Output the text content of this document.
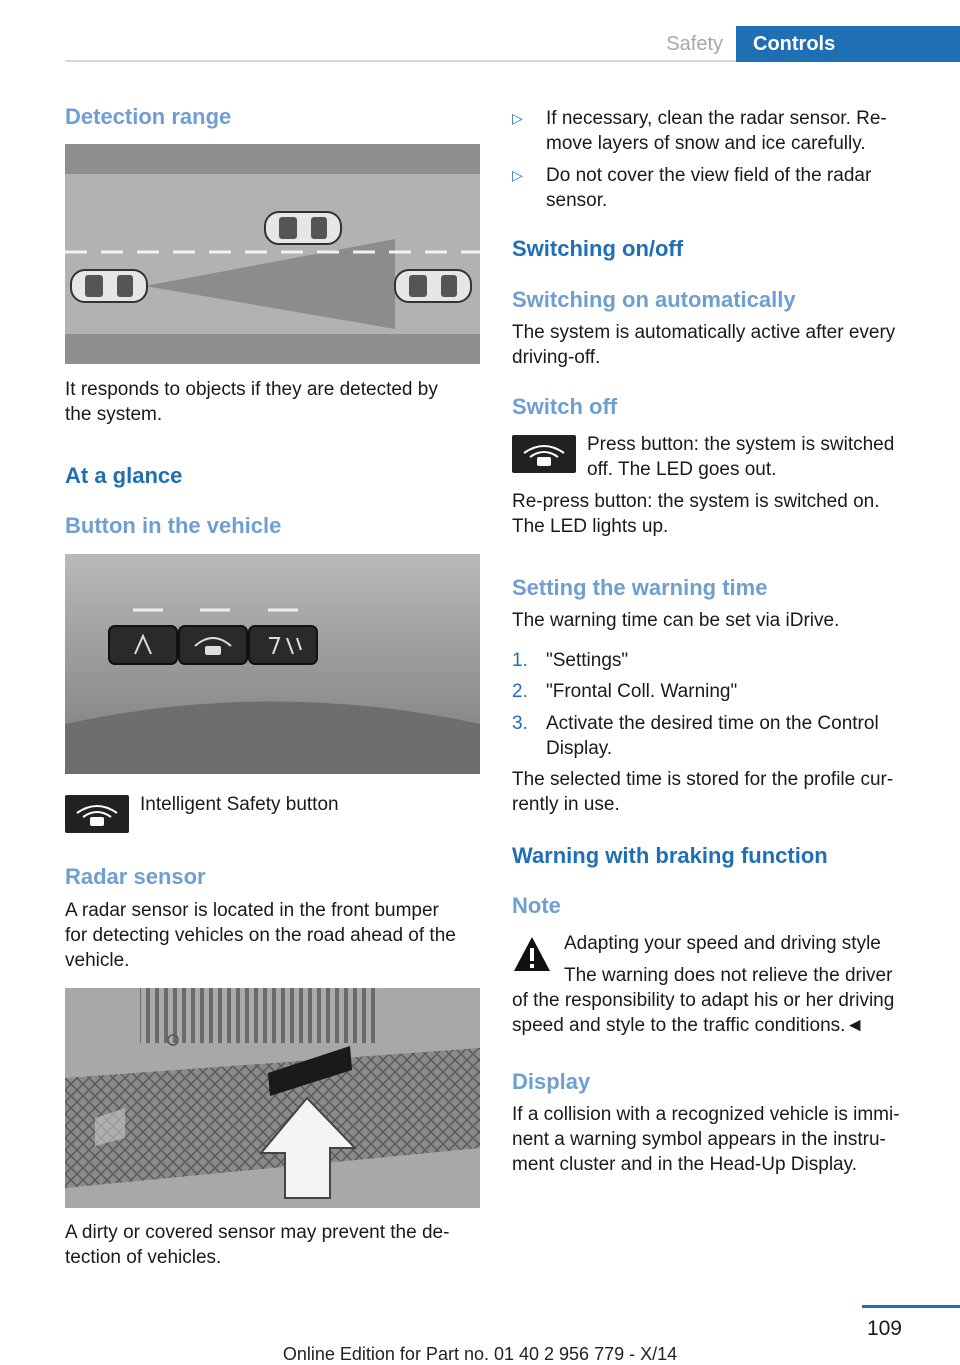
Safety	Controls
Detection range
It responds to objects if they are detected by
the system.
At a glance
Button in the vehicle
Intelligent Safety button
Radar sensor
A radar sensor is located in the front bumper
for detecting vehicles on the road ahead of the
vehicle.
A dirty or covered sensor may prevent the de‐
tection of vehicles.
▷ If necessary, clean the radar sensor. Re‐
move layers of snow and ice carefully.
▷ Do not cover the view field of the radar
sensor.
Switching on/off
Switching on automatically
The system is automatically active after every
driving-off.
Switch off
Press button: the system is switched
off. The LED goes out.
Re-press button: the system is switched on.
The LED lights up.
Setting the warning time
The warning time can be set via iDrive.
1. "Settings"
2. "Frontal Coll. Warning"
3. Activate the desired time on the Control
Display.
The selected time is stored for the profile cur‐
rently in use.
Warning with braking function
Note
Adapting your speed and driving style
The warning does not relieve the driver
of the responsibility to adapt his or her driving
speed and style to the traffic conditions.◄
Display
If a collision with a recognized vehicle is immi‐
nent a warning symbol appears in the instru‐
ment cluster and in the Head-Up Display.
109
Online Edition for Part no. 01 40 2 956 779 - X/14
